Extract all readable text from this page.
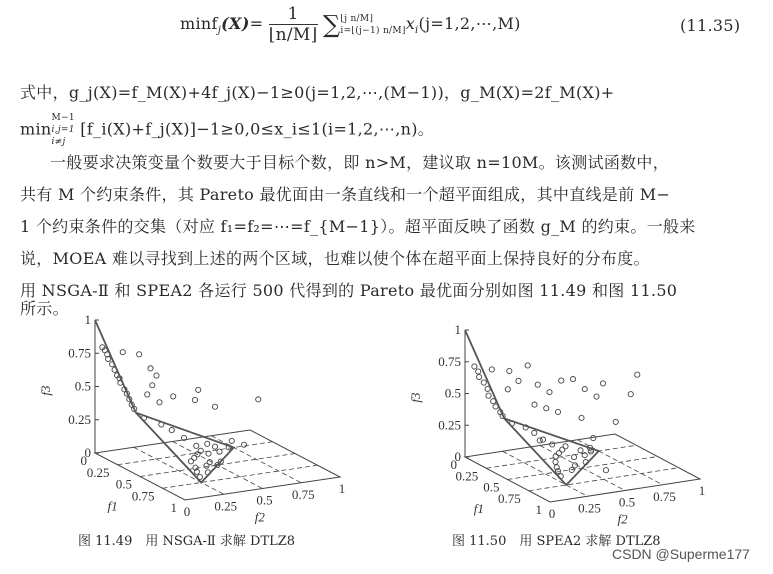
$\min f_j(X)= \frac{1}{⌊n/M⌋}$ ∑⌊j n/M⌋
i=⌊(j−1) $n/M⌋x_i(j=1,2,\cdots,M)$	(11.35)
式中，g_j(X)=f_M(X)+4f_j(X)−1≥0(j=1,2,⋯,(M−1))，g_M(X)=2f_M(X)+
minM−1
i,j=1
i≠j [f_i(X)+f_j(X)]−1≥0,0≤x_i≤1(i=1,2,⋯,n)。
一般要求决策变量个数要大于目标个数，即 n>M，建议取 n=10M。该测试函数中，
共有 M 个约束条件，其 Pareto 最优面由一条直线和一个超平面组成，其中直线是前 M−
1 个约束条件的交集（对应 f₁=f₂=⋯=f_{M−1}）。超平面反映了函数 g_M 的约束。一般来
说，MOEA 难以寻找到上述的两个区域，也难以使个体在超平面上保持良好的分布度。
用 NSGA-Ⅱ 和 SPEA2 各运行 500 代得到的 Pareto 最优面分别如图 11.49 和图 11.50
所示。
0
0
0
0.25
0.25
0.25
0.5
0.5
0.5
0.75
0.75	0.75
1
1
1
f3
f1
f2
0
0
0
0.25
0.25
0.25
0.5
0.5
0.5
0.75
0.75	0.75
1
1
1
f3
f1
f2
图 11.49　用 NSGA-Ⅱ 求解 DTLZ8	图 11.50　用 SPEA2 求解 DTLZ8
CSDN @Superme177
